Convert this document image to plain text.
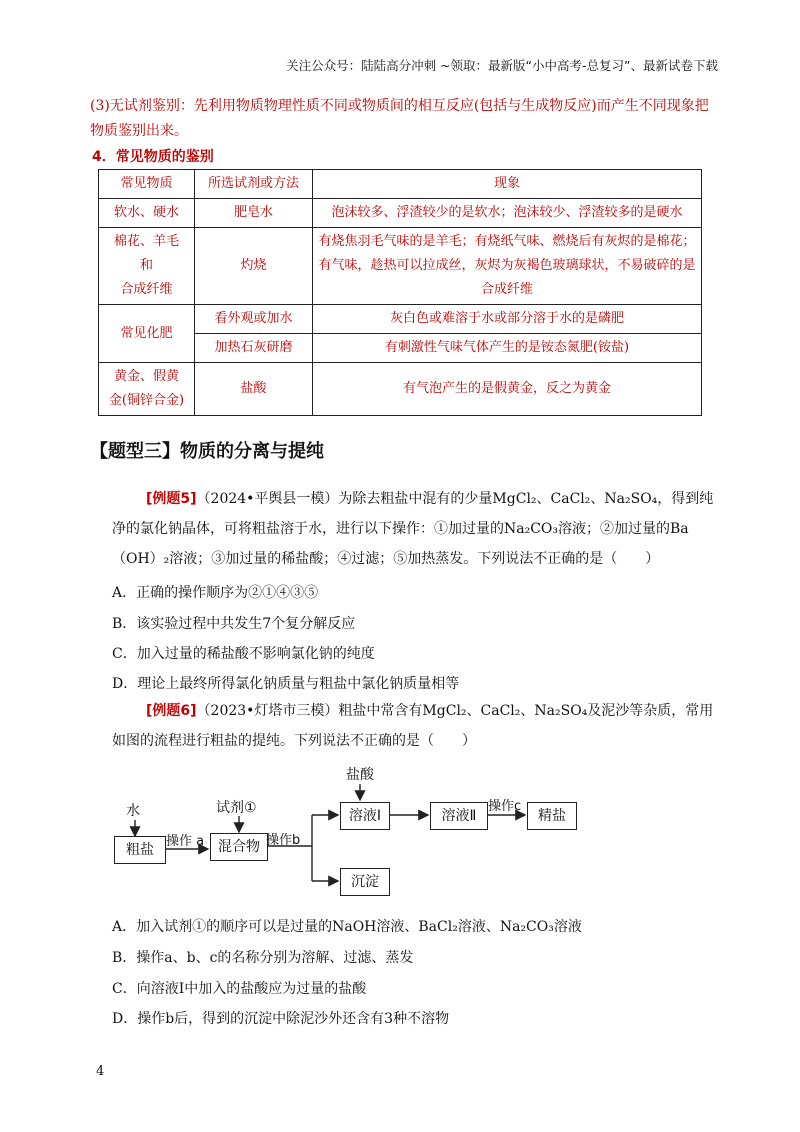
关注公众号：陆陆高分冲刺 ~领取：最新版“小中高考-总复习”、最新试卷下载
(3)无试剂鉴别：先利用物质物理性质不同或物质间的相互反应(包括与生成物反应)而产生不同现象把物质鉴别出来。
4．常见物质的鉴别
常见物质	所选试剂或方法	现象
软水、硬水	肥皂水	泡沫较多、浮渣较少的是软水；泡沫较少、浮渣较多的是硬水

棉花、羊毛
和
合成纤维	灼烧	有烧焦羽毛气味的是羊毛；有烧纸气味、燃烧后有灰烬的是棉花；有气味，趁热可以拉成丝，灰烬为灰褐色玻璃球状，不易破碎的是合成纤维
常见化肥	看外观或加水	灰白色或难溶于水或部分溶于水的是磷肥
	加热石灰研磨	有刺激性气味气体产生的是铵态氮肥(铵盐)

黄金、假黄
金(铜锌合金)	盐酸	有气泡产生的是假黄金，反之为黄金
【题型三】物质的分离与提纯
[例题5]（2024•平舆县一模）为除去粗盐中混有的少量MgCl₂、CaCl₂、Na₂SO₄，得到纯净的氯化钠晶体，可将粗盐溶于水，进行以下操作：①加过量的Na₂CO₃溶液；②加过量的Ba（OH）₂溶液；③加过量的稀盐酸；④过滤；⑤加热蒸发。下列说法不正确的是（　　）
A．正确的操作顺序为②①④③⑤
B．该实验过程中共发生7个复分解反应
C．加入过量的稀盐酸不影响氯化钠的纯度
D．理论上最终所得氯化钠质量与粗盐中氯化钠质量相等
[例题6]（2023•灯塔市三模）粗盐中常含有MgCl₂、CaCl₂、Na₂SO₄及泥沙等杂质，常用如图的流程进行粗盐的提纯。下列说法不正确的是（　　）
水
粗盐
操作 a
试剂①
混合物 操作b
盐酸
溶液Ⅰ	溶液Ⅱ
操作c
精盐
沉淀
A．加入试剂①的顺序可以是过量的NaOH溶液、BaCl₂溶液、Na₂CO₃溶液
B．操作a、b、c的名称分别为溶解、过滤、蒸发
C．向溶液Ⅰ中加入的盐酸应为过量的盐酸
D．操作b后，得到的沉淀中除泥沙外还含有3种不溶物
4
